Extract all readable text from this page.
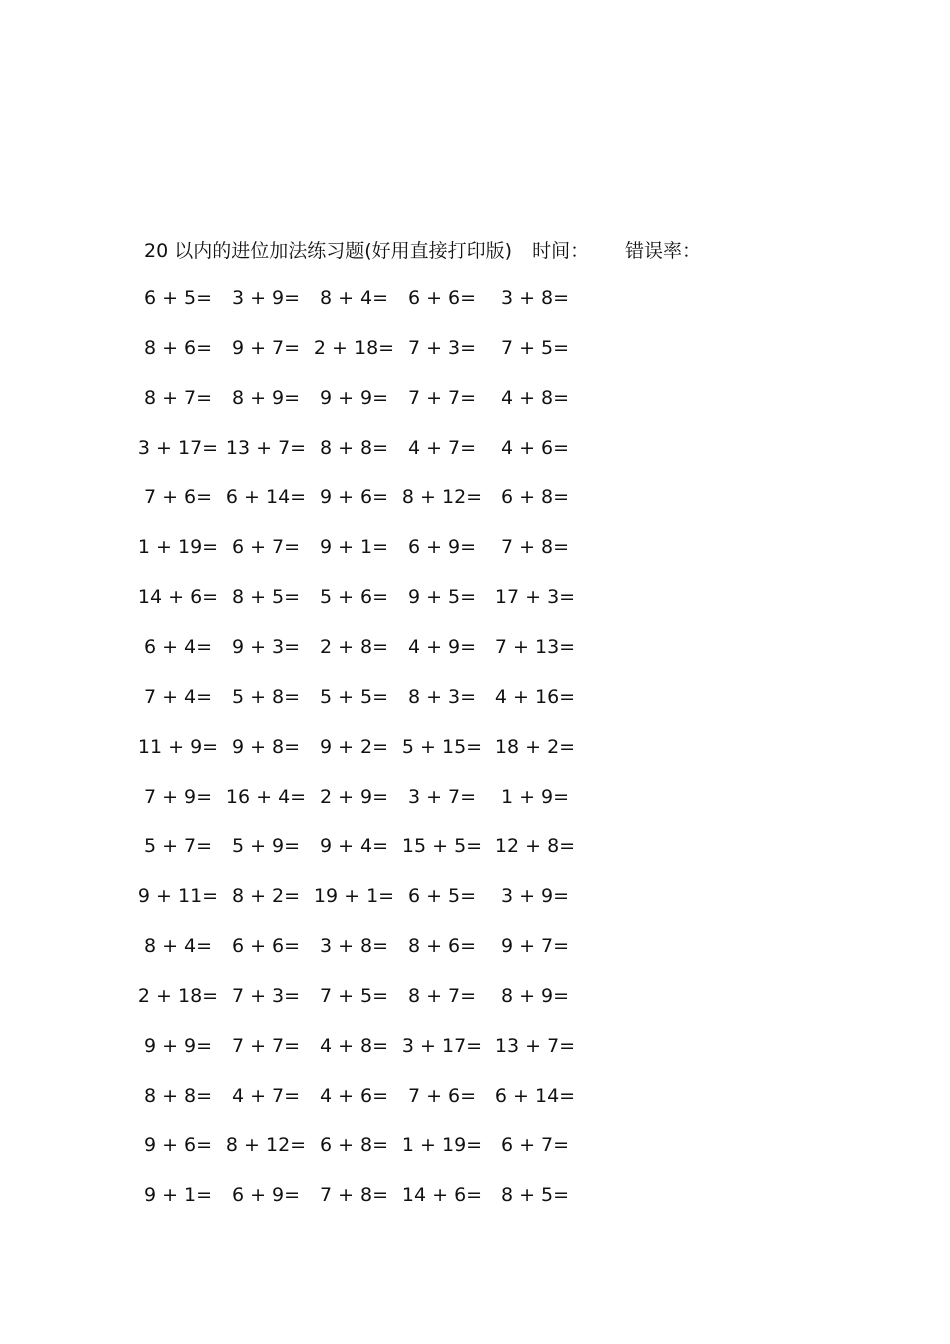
20 以内的进位加法练习题(好用直接打印版) 时间： 错误率：
6 + 5= 3 + 9= 8 + 4= 6 + 6= 3 + 8=
8 + 6= 9 + 7= 2 + 18= 7 + 3= 7 + 5=
8 + 7= 8 + 9= 9 + 9= 7 + 7= 4 + 8=
3 + 17= 13 + 7= 8 + 8= 4 + 7= 4 + 6=
7 + 6= 6 + 14= 9 + 6= 8 + 12= 6 + 8=
1 + 19= 6 + 7= 9 + 1= 6 + 9= 7 + 8=
14 + 6= 8 + 5= 5 + 6= 9 + 5= 17 + 3=
6 + 4= 9 + 3= 2 + 8= 4 + 9= 7 + 13=
7 + 4= 5 + 8= 5 + 5= 8 + 3= 4 + 16=
11 + 9= 9 + 8= 9 + 2= 5 + 15= 18 + 2=
7 + 9= 16 + 4= 2 + 9= 3 + 7= 1 + 9=
5 + 7= 5 + 9= 9 + 4= 15 + 5= 12 + 8=
9 + 11= 8 + 2= 19 + 1= 6 + 5= 3 + 9=
8 + 4= 6 + 6= 3 + 8= 8 + 6= 9 + 7=
2 + 18= 7 + 3= 7 + 5= 8 + 7= 8 + 9=
9 + 9= 7 + 7= 4 + 8= 3 + 17= 13 + 7=
8 + 8= 4 + 7= 4 + 6= 7 + 6= 6 + 14=
9 + 6= 8 + 12= 6 + 8= 1 + 19= 6 + 7=
9 + 1= 6 + 9= 7 + 8= 14 + 6= 8 + 5=
